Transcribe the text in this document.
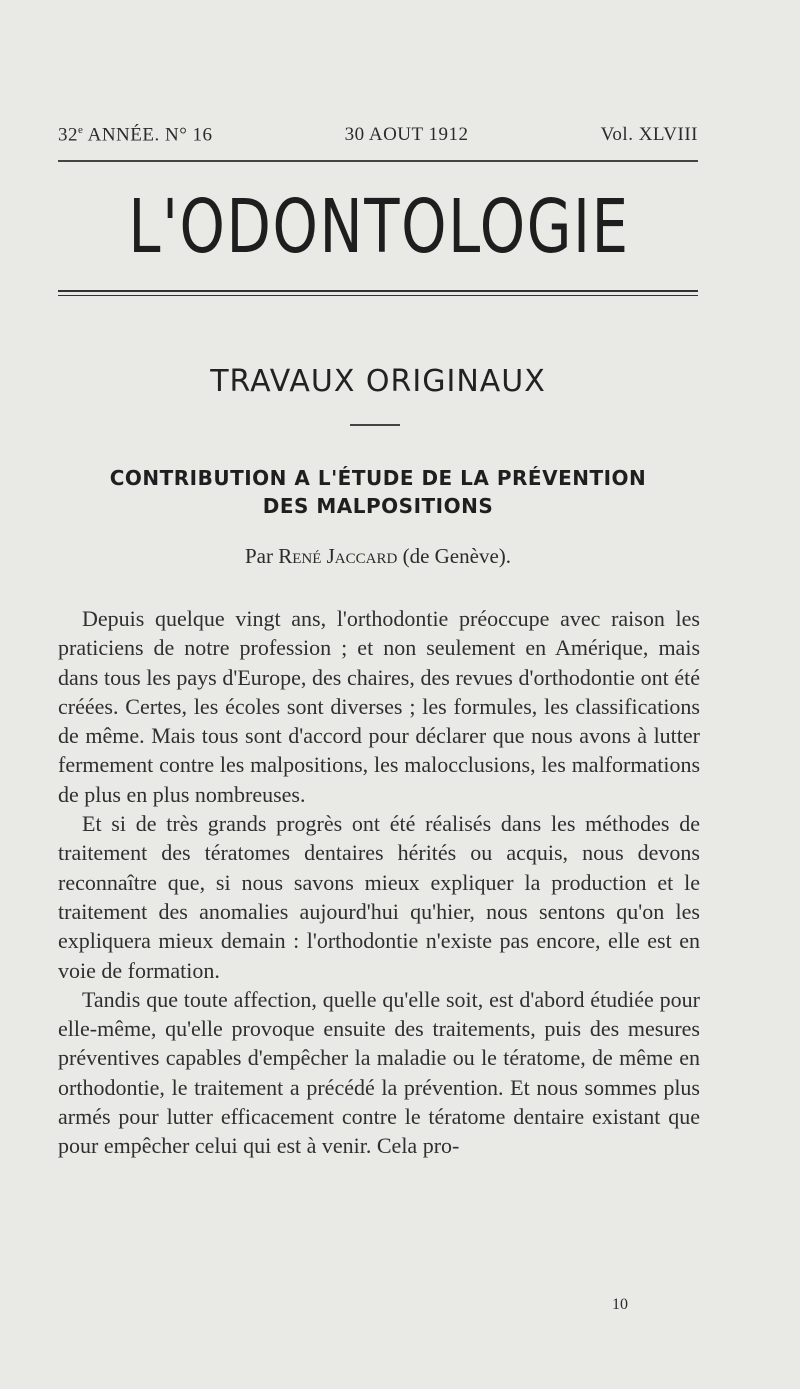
32e ANNÉE. N° 16	30 AOUT 1912	Vol. XLVIII
L'ODONTOLOGIE
TRAVAUX ORIGINAUX
CONTRIBUTION A L'ÉTUDE DE LA PRÉVENTION
DES MALPOSITIONS
Par René Jaccard (de Genève).

Depuis quelque vingt ans, l'orthodontie préoccupe avec raison les praticiens de notre profession ; et non seulement en Amérique, mais dans tous les pays d'Europe, des chaires, des revues d'orthodontie ont été créées. Certes, les écoles sont diverses ; les formules, les classifications de même. Mais tous sont d'accord pour déclarer que nous avons à lutter fermement contre les malpositions, les malocclusions, les malformations de plus en plus nombreuses.

Et si de très grands progrès ont été réalisés dans les méthodes de traitement des tératomes dentaires hérités ou acquis, nous devons reconnaître que, si nous savons mieux expliquer la production et le traitement des anomalies aujourd'hui qu'hier, nous sentons qu'on les expliquera mieux demain : l'orthodontie n'existe pas encore, elle est en voie de formation.

Tandis que toute affection, quelle qu'elle soit, est d'abord étudiée pour elle-même, qu'elle provoque ensuite des traitements, puis des mesures préventives capables d'empêcher la maladie ou le tératome, de même en orthodontie, le traitement a précédé la prévention. Et nous sommes plus armés pour lutter efficacement contre le tératome dentaire existant que pour empêcher celui qui est à venir. Cela pro-

10
